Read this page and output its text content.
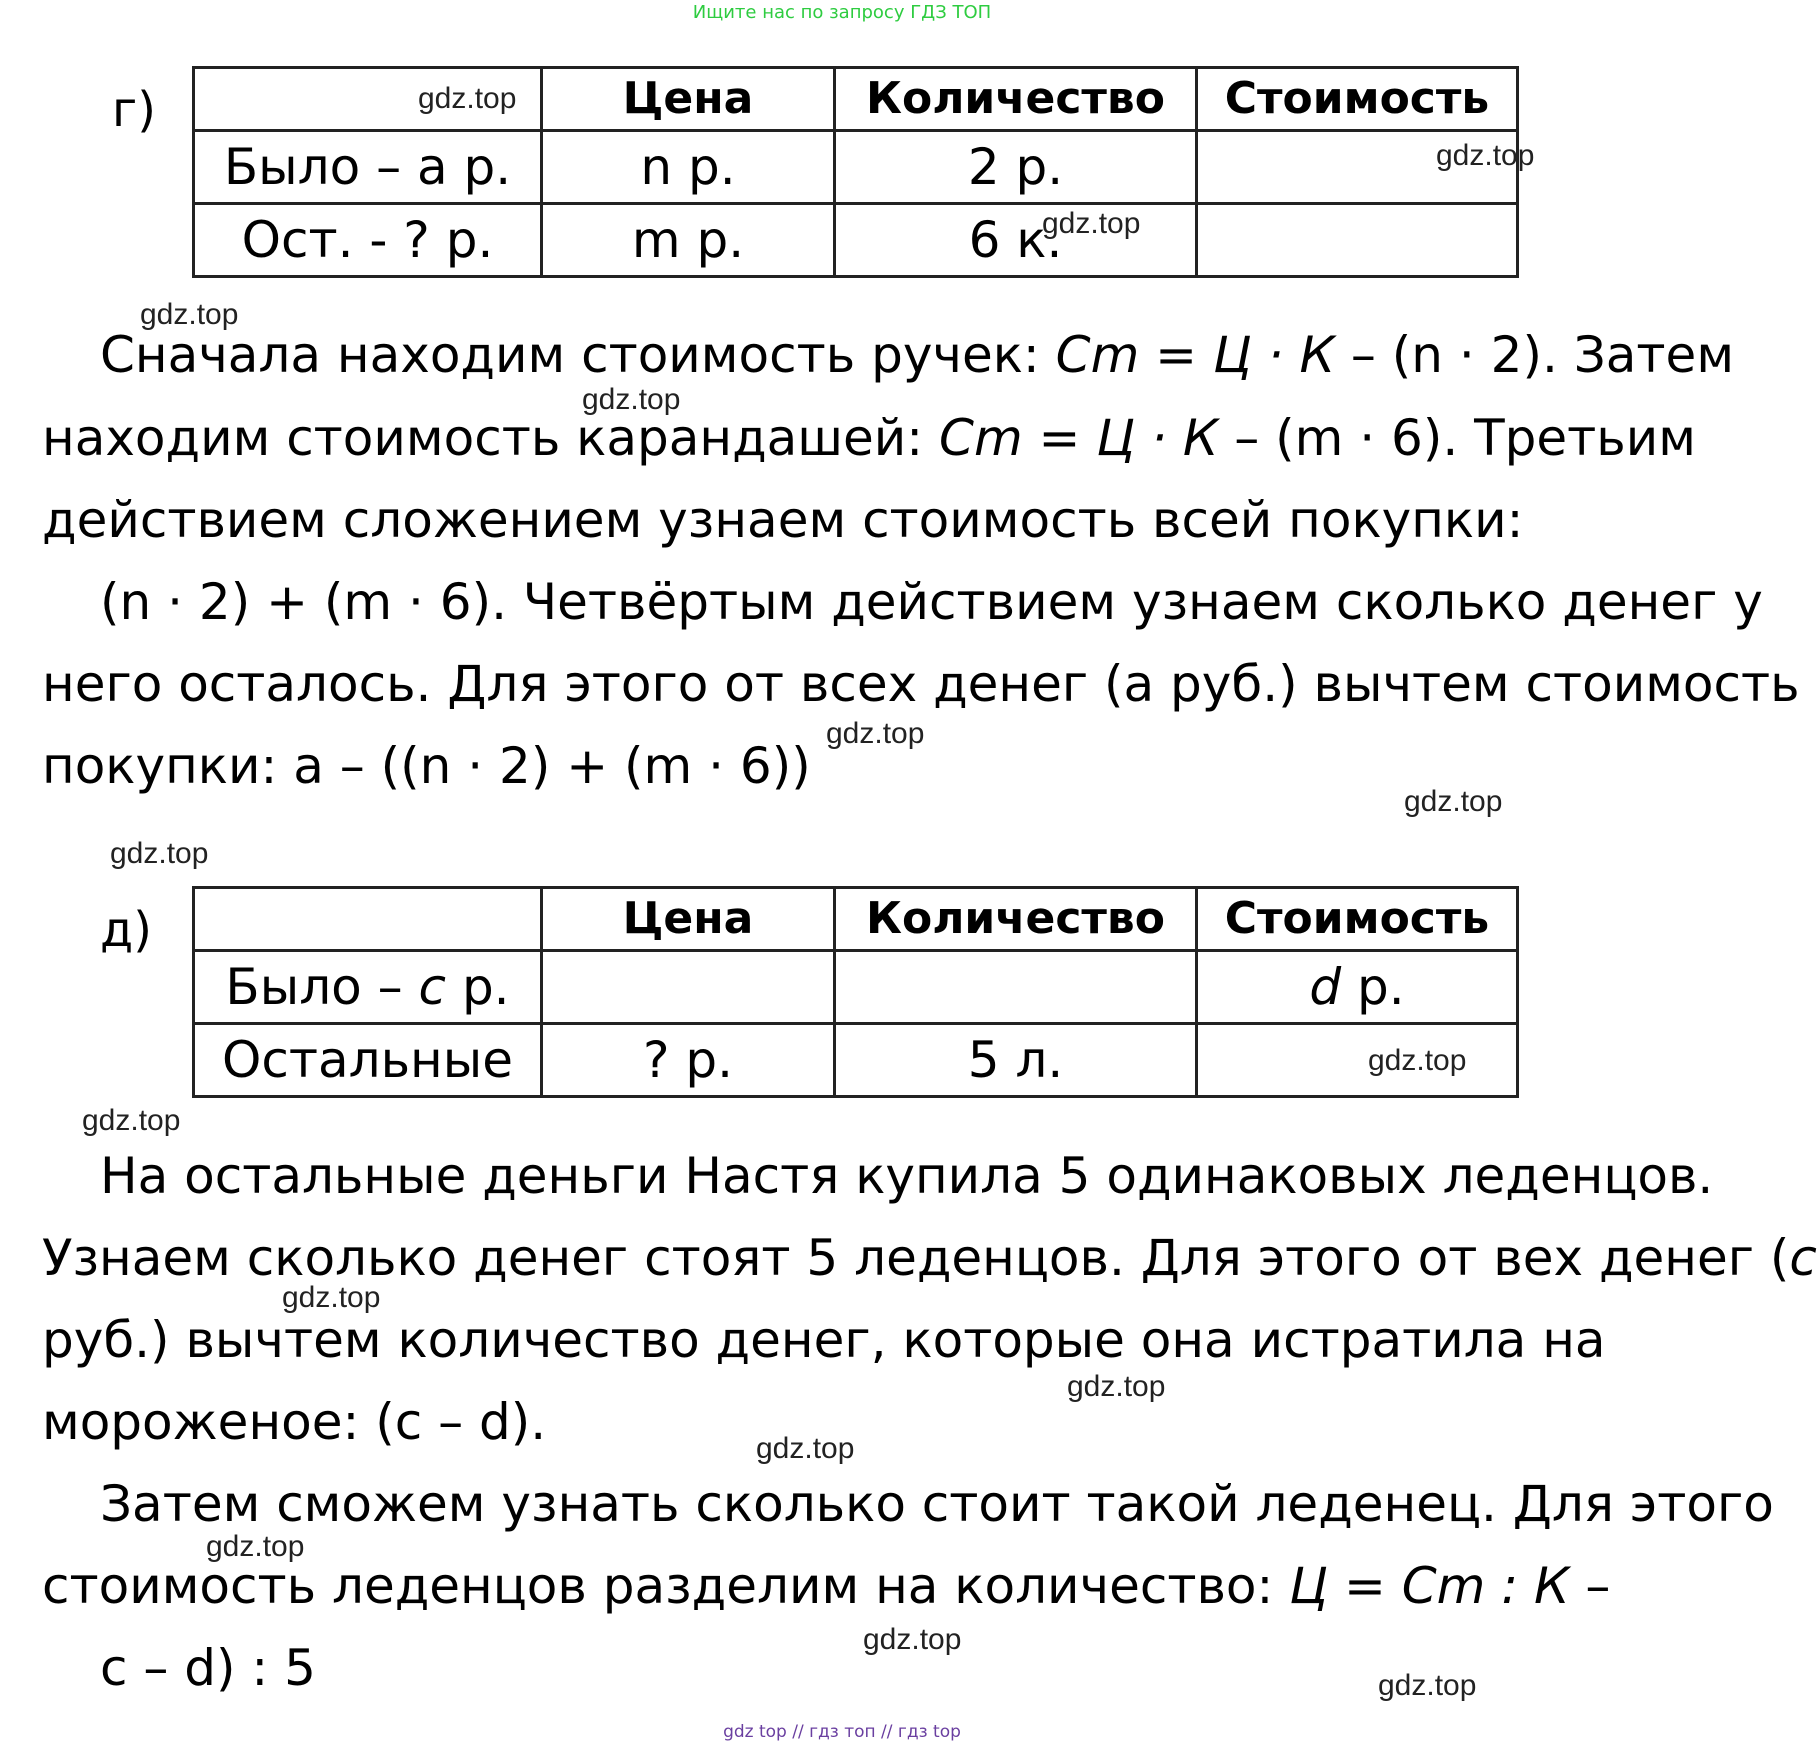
Ищите нас по запросу ГДЗ ТОП
г)
		Цена	Количество	Стоимость
Было – a р.	n р.	2 р.	
Ост. - ? р.	m р.	6 к.	
Сначала находим стоимость ручек: Cm = Ц · К – (n · 2). Затем
находим стоимость карандашей: Cm = Ц · К – (m · 6). Третьим
действием сложением узнаем стоимость всей покупки:
(n · 2) + (m · 6). Четвёртым действием узнаем сколько денег у
него осталось. Для этого от всех денег (а руб.) вычтем стоимость
покупки: a – ((n · 2) + (m · 6))
д)
		Цена	Количество	Стоимость
Было – c р.			d р.
Остальные	? р.	5 л.	
На остальные деньги Настя купила 5 одинаковых леденцов.
Узнаем сколько денег стоят 5 леденцов. Для этого от вех денег (c
руб.) вычтем количество денег, которые она истратила на
мороженое: (c – d).
Затем сможем узнать сколько стоит такой леденец. Для этого
стоимость леденцов разделим на количество: Ц = Cm : К –
c – d) : 5
gdz.top
gdz.top
gdz.top
gdz.top
gdz.top
gdz.top
gdz.top
gdz.top
gdz.top
gdz.top
gdz.top
gdz.top
gdz.top
gdz.top
gdz.top
gdz.top
gdz top // гдз топ // гдз top
